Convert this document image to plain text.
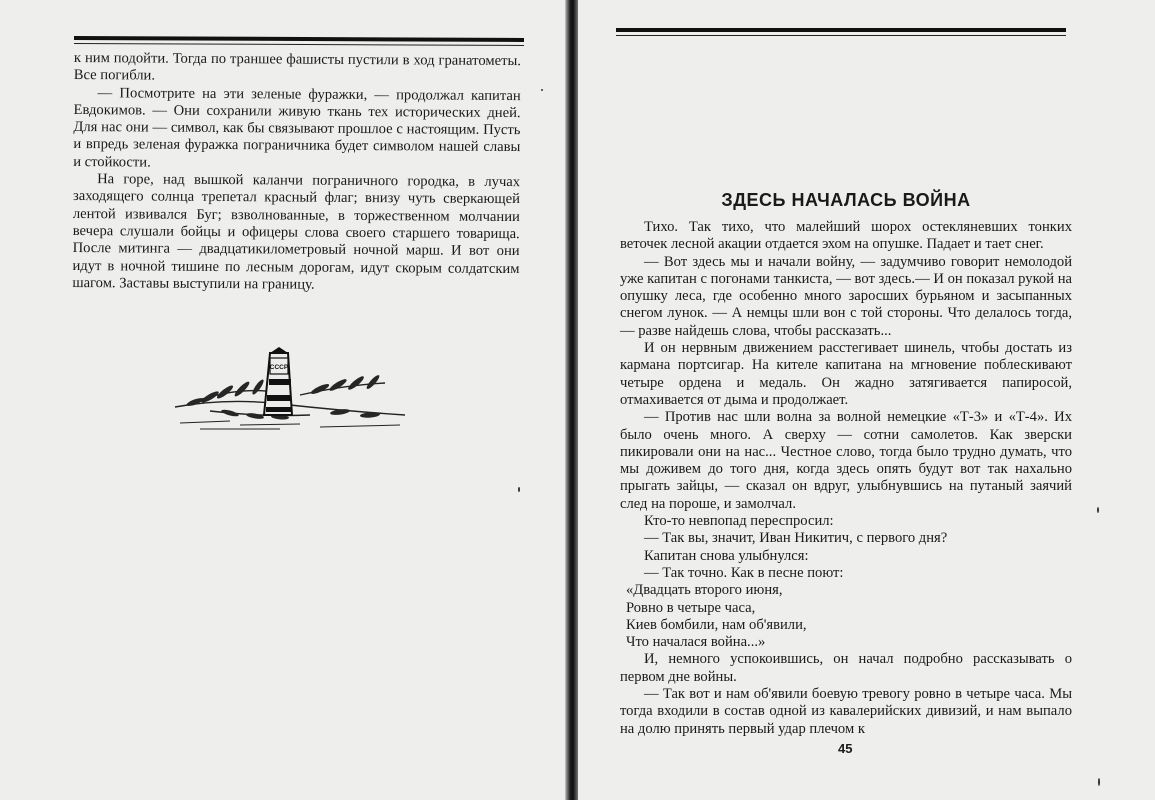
к ним подойти. Тогда по траншее фашисты пустили в ход гранатометы. Все погибли.

— Посмотрите на эти зеленые фуражки, — продолжал капитан Евдокимов. — Они сохранили живую ткань тех исторических дней. Для нас они — символ, как бы связывают прошлое с настоящим. Пусть и впредь зеленая фуражка пограничника будет символом нашей славы и стойкости.

На горе, над вышкой каланчи пограничного городка, в лучах заходящего солнца трепетал красный флаг; внизу чуть сверкающей лентой извивался Буг; взволнованные, в торжественном молчании вечера слушали бойцы и офицеры слова своего старшего товарища. После митинга — двадцатикилометровый ночной марш. И вот они идут в ночной тишине по лесным дорогам, идут скорым солдатским шагом. Заставы выступили на границу.

СССР
ЗДЕСЬ НАЧАЛАСЬ ВОЙНА

Тихо. Так тихо, что малейший шорох остекляневших тонких веточек лесной акации отдается эхом на опушке. Падает и тает снег.

— Вот здесь мы и начали войну, — задумчиво говорит немолодой уже капитан с погонами танкиста, — вот здесь.— И он показал рукой на опушку леса, где особенно много заросших бурьяном и засыпанных снегом лунок. — А немцы шли вон с той стороны. Что делалось тогда, — разве найдешь слова, чтобы рассказать...

И он нервным движением расстегивает шинель, чтобы достать из кармана портсигар. На кителе капитана на мгновение поблескивают четыре ордена и медаль. Он жадно затягивается папиросой, отмахивается от дыма и продолжает.

— Против нас шли волна за волной немецкие «Т-3» и «Т-4». Их было очень много. А сверху — сотни самолетов. Как зверски пикировали они на нас... Честное слово, тогда было трудно думать, что мы доживем до того дня, когда здесь опять будут вот так нахально прыгать зайцы, — сказал он вдруг, улыбнувшись на путаный заячий след на пороше, и замолчал.

Кто-то невпопад переспросил:

— Так вы, значит, Иван Никитич, с первого дня?

Капитан снова улыбнулся:

— Так точно. Как в песне поют:

«Двадцать второго июня,

Ровно в четыре часа,

Киев бомбили, нам об'явили,

Что началася война...»

И, немного успокоившись, он начал подробно рассказывать о первом дне войны.

— Так вот и нам об'явили боевую тревогу ровно в четыре часа. Мы тогда входили в состав одной из кавалерийских дивизий, и нам выпало на долю принять первый удар плечом к

45
